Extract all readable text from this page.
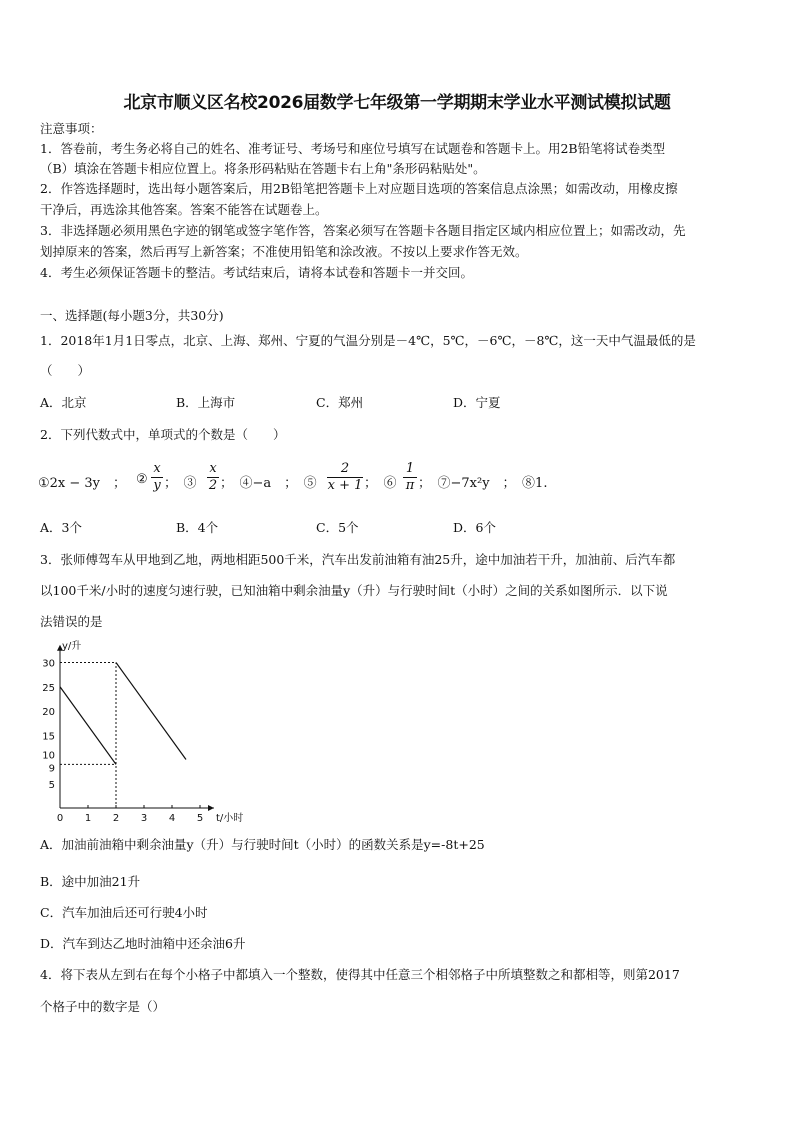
北京市顺义区名校2026届数学七年级第一学期期末学业水平测试模拟试题
注意事项：
1．答卷前，考生务必将自己的姓名、准考证号、考场号和座位号填写在试题卷和答题卡上。用2B铅笔将试卷类型
（B）填涂在答题卡相应位置上。将条形码粘贴在答题卡右上角"条形码粘贴处"。
2．作答选择题时，选出每小题答案后，用2B铅笔把答题卡上对应题目选项的答案信息点涂黑；如需改动，用橡皮擦
干净后，再选涂其他答案。答案不能答在试题卷上。
3．非选择题必须用黑色字迹的钢笔或签字笔作答，答案必须写在答题卡各题目指定区域内相应位置上；如需改动，先
划掉原来的答案，然后再写上新答案；不准使用铅笔和涂改液。不按以上要求作答无效。
4．考生必须保证答题卡的整洁。考试结束后，请将本试卷和答题卡一并交回。
一、选择题(每小题3分，共30分)
1．2018年1月1日零点，北京、上海、郑州、宁夏的气温分别是－4℃，5℃，－6℃，－8℃，这一天中气温最低的是
（　　）
A．北京	B．上海市	C．郑州	D．宁夏
2．下列代数式中，单项式的个数是（　　）
①2x − 3y　； ②
x
y ；　③
x
2 ；　④−a　；　⑤
2
x + 1 ；　⑥
1
π ；　⑦−7x²y　；　⑧1.
A．3个	B．4个	C．5个	D．6个
3．张师傅驾车从甲地到乙地，两地相距500千米，汽车出发前油箱有油25升，途中加油若干升，加油前、后汽车都
以100千米/小时的速度匀速行驶，已知油箱中剩余油量y（升）与行驶时间t（小时）之间的关系如图所示．以下说
法错误的是
0 1 2 3 4 5
5
9
10
15
20
25
30
t/小时
y/升
A．加油前油箱中剩余油量y（升）与行驶时间t（小时）的函数关系是y=-8t+25
B．途中加油21升
C．汽车加油后还可行驶4小时
D．汽车到达乙地时油箱中还余油6升
4．将下表从左到右在每个小格子中都填入一个整数，使得其中任意三个相邻格子中所填整数之和都相等，则第2017
个格子中的数字是（）
